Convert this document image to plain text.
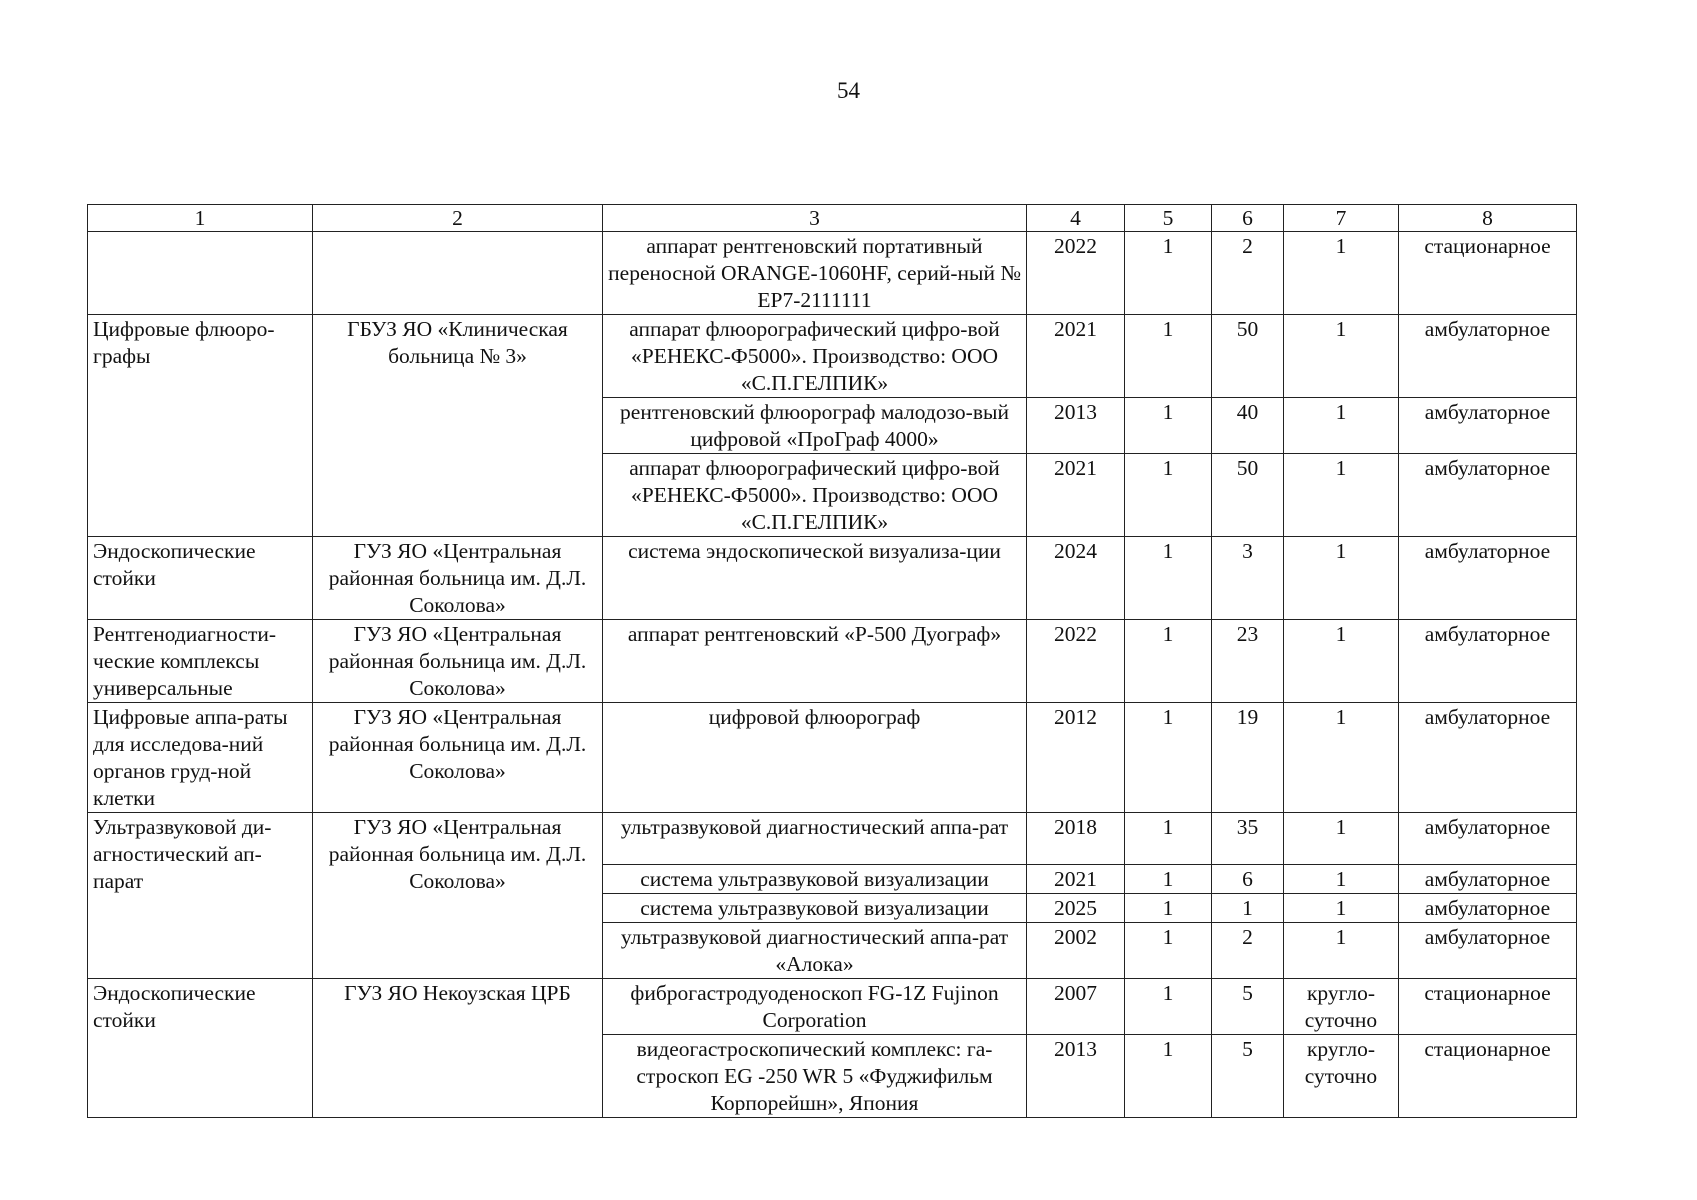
54
1	2	3	4	5	6	7	8
		аппарат рентгеновский портативный переносной ORANGE-1060HF, серий-ный № EP7-2111111	2022	1	2	1	стационарное
Цифровые флюоро-графы	ГБУЗ ЯО «Клиническая больница № 3»	аппарат флюорографический цифро-вой «РЕНЕКС-Ф5000». Производство: ООО «С.П.ГЕЛПИК»	2021	1	50	1	амбулаторное
		рентгеновский флюорограф малодозо-вый цифровой «ПроГраф 4000»	2013	1	40	1	амбулаторное
		аппарат флюорографический цифро-вой «РЕНЕКС-Ф5000». Производство: ООО «С.П.ГЕЛПИК»	2021	1	50	1	амбулаторное
Эндоскопические стойки	ГУЗ ЯО «Центральная районная больница им. Д.Л. Соколова»	система эндоскопической визуализа-ции	2024	1	3	1	амбулаторное
Рентгенодиагности-ческие комплексы универсальные	ГУЗ ЯО «Центральная районная больница им. Д.Л. Соколова»	аппарат рентгеновский «Р-500 Дуограф»	2022	1	23	1	амбулаторное
Цифровые аппа-раты для исследова-ний органов груд-ной клетки	ГУЗ ЯО «Центральная районная больница им. Д.Л. Соколова»	цифровой флюорограф	2012	1	19	1	амбулаторное
Ультразвуковой ди-агностический ап-парат	ГУЗ ЯО «Центральная районная больница им. Д.Л. Соколова»	ультразвуковой диагностический аппа-рат	2018	1	35	1	амбулаторное
		система ультразвуковой визуализации	2021	1	6	1	амбулаторное
		система ультразвуковой визуализации	2025	1	1	1	амбулаторное
		ультразвуковой диагностический аппа-рат «Алока»	2002	1	2	1	амбулаторное
Эндоскопические стойки	ГУЗ ЯО Некоузская ЦРБ	фиброгастродуоденоскоп FG-1Z Fujinon Corporation	2007	1	5	кругло-суточно	стационарное
		видеогастроскопический комплекс: га-строскоп EG -250 WR 5 «Фуджифильм Корпорейшн», Япония	2013	1	5	кругло-суточно	стационарное
